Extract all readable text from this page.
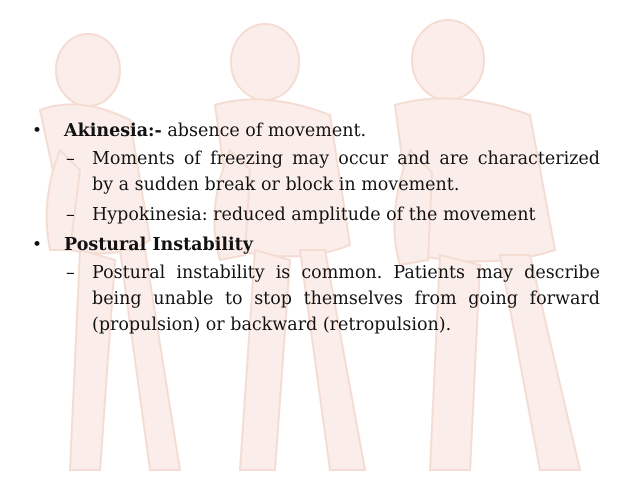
• Akinesia:- absence of movement.
– Moments of freezing may occur and are characterized by a sudden break or block in movement.
– Hypokinesia: reduced amplitude of the movement
• Postural Instability
– Postural instability is common. Patients may describe being unable to stop themselves from going forward (propulsion) or backward (retropulsion).
